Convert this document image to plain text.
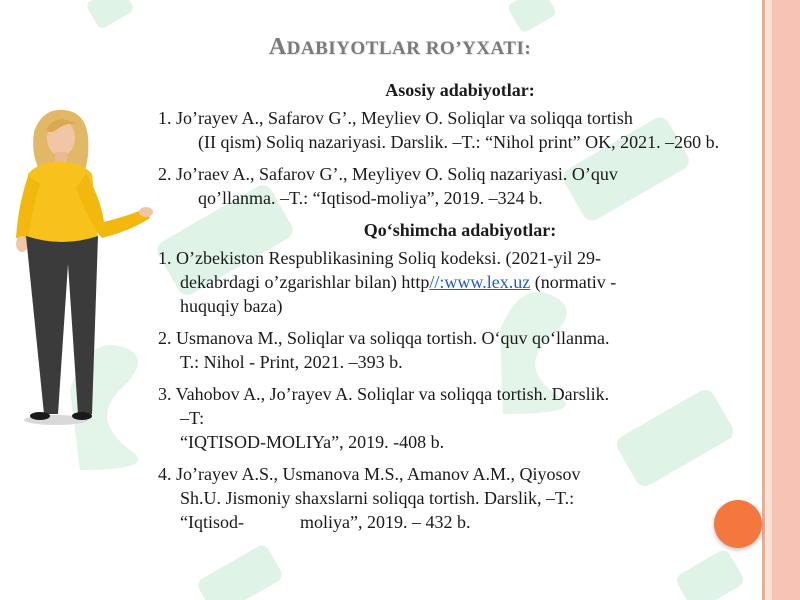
ADABIYOTLAR RO’YXATI:
Asosiy adabiyotlar:
1. Jo’rayev A., Safarov G’., Meyliev O. Soliqlar va soliqqa tortish
(II qism) Soliq nazariyasi. Darslik. –T.: “Nihol print” OK, 2021. –260 b.
2. Jo’raev A., Safarov G’., Meyliyev O. Soliq nazariyasi. O’quv
qo’llanma. –T.: “Iqtisod-moliya”, 2019. –324 b.
Qo‘shimcha adabiyotlar:
1. O’zbekiston Respublikasining Soliq kodeksi. (2021-yil 29-
dekabrdagi o’zgarishlar bilan) http//:www.lex.uz (normativ -
huquqiy baza)
2. Usmanova M., Soliqlar va soliqqa tortish. O‘quv qo‘llanma.
T.: Nihol - Print, 2021. –393 b.
3. Vahobov A., Jo’rayev A. Soliqlar va soliqqa tortish. Darslik.
–T:
“IQTISOD-MOLIYa”, 2019. -408 b.
4. Jo’rayev A.S., Usmanova M.S., Amanov A.M., Qiyosov
Sh.U. Jismoniy shaxslarni soliqqa tortish. Darslik, –T.:
“Iqtisod-	moliya”, 2019. – 432 b.
